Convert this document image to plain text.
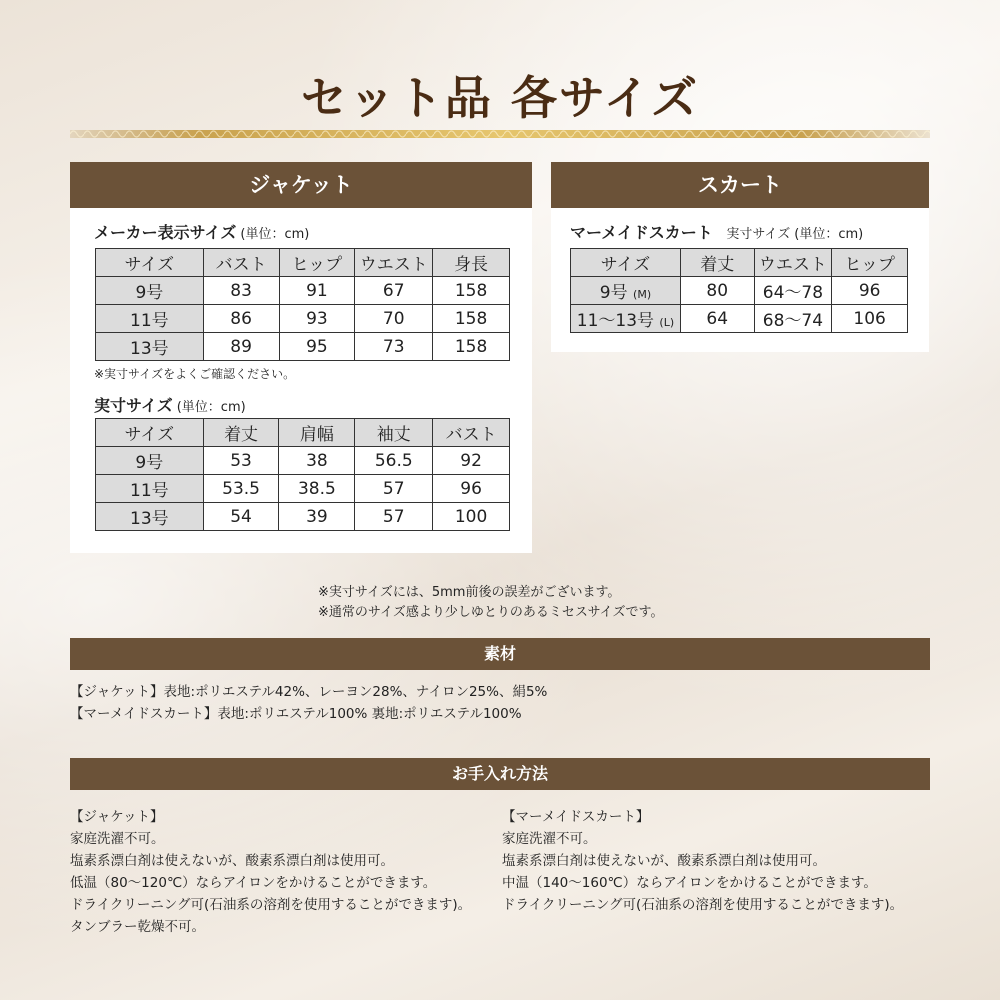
セット品 各サイズ
ジャケット
メーカー表示サイズ (単位：cm)
サイズ	バスト	ヒップ	ウエスト	身長
9号	83	91	67	158
11号	86	93	70	158
13号	89	95	73	158
※実寸サイズをよくご確認ください。
実寸サイズ (単位：cm)
サイズ	着丈	肩幅	袖丈	バスト
9号	53	38	56.5	92
11号	53.5	38.5	57	96
13号	54	39	57	100
スカート
マーメイドスカート 実寸サイズ (単位：cm)
サイズ	着丈	ウエスト	ヒップ
9号 (M)	80	64〜78	96
11〜13号 (L)	64	68〜74	106
※実寸サイズには、5mm前後の誤差がございます。
※通常のサイズ感より少しゆとりのあるミセスサイズです。
素材
【ジャケット】表地:ポリエステル42%、レーヨン28%、ナイロン25%、絹5%
【マーメイドスカート】表地:ポリエステル100% 裏地:ポリエステル100%
お手入れ方法
【ジャケット】
家庭洗濯不可。
塩素系漂白剤は使えないが、酸素系漂白剤は使用可。
低温（80〜120℃）ならアイロンをかけることができます。
ドライクリーニング可(石油系の溶剤を使用することができます)。
タンブラー乾燥不可。
【マーメイドスカート】
家庭洗濯不可。
塩素系漂白剤は使えないが、酸素系漂白剤は使用可。
中温（140〜160℃）ならアイロンをかけることができます。
ドライクリーニング可(石油系の溶剤を使用することができます)。
